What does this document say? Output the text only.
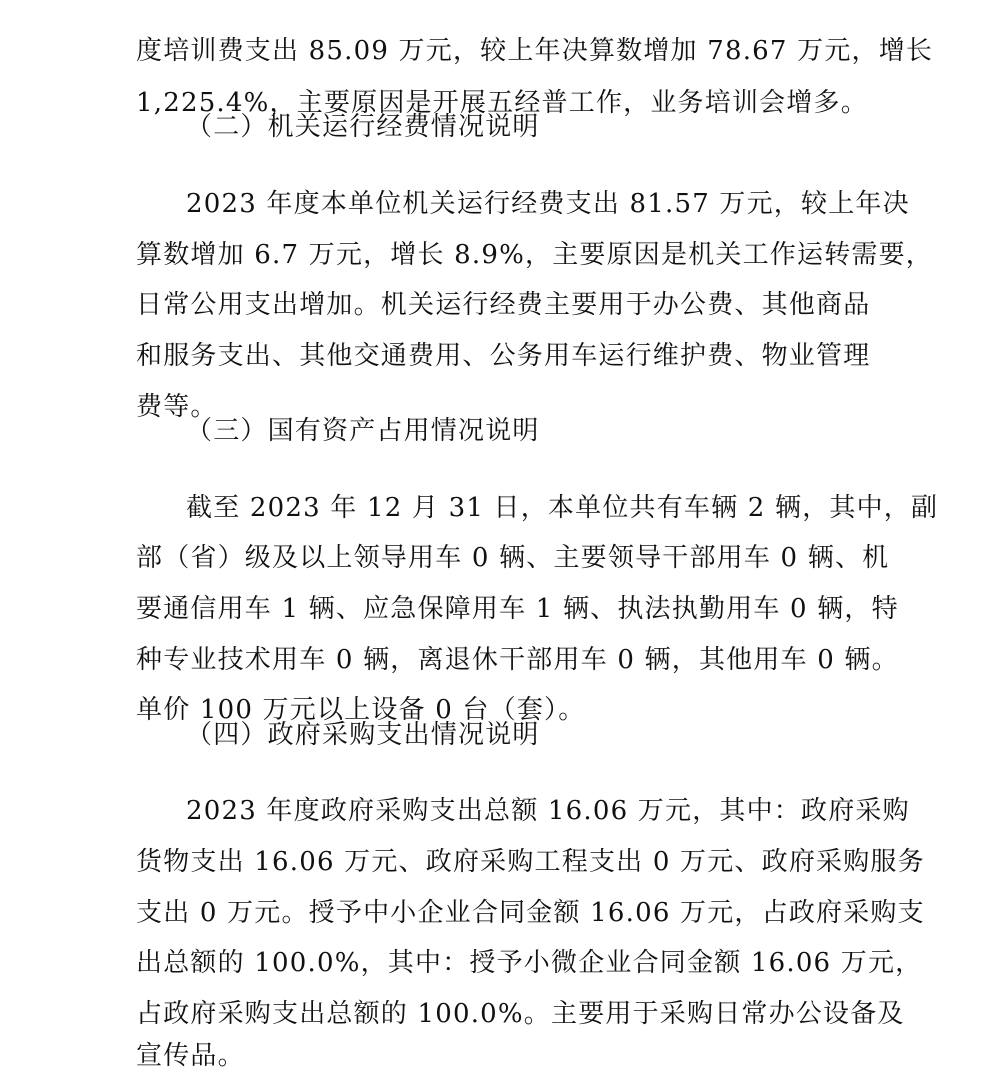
度培训费支出 85.09 万元，较上年决算数增加 78.67 万元，增长

1,225.4%，主要原因是开展五经普工作，业务培训会增多。

（二）机关运行经费情况说明

2023 年度本单位机关运行经费支出 81.57 万元，较上年决

算数增加 6.7 万元，增长 8.9%，主要原因是机关工作运转需要，

日常公用支出增加。机关运行经费主要用于办公费、其他商品

和服务支出、其他交通费用、公务用车运行维护费、物业管理

费等。

（三）国有资产占用情况说明

截至 2023 年 12 月 31 日，本单位共有车辆 2 辆，其中，副

部（省）级及以上领导用车 0 辆、主要领导干部用车 0 辆、机

要通信用车 1 辆、应急保障用车 1 辆、执法执勤用车 0 辆，特

种专业技术用车 0 辆，离退休干部用车 0 辆，其他用车 0 辆。

单价 100 万元以上设备 0 台（套）。

（四）政府采购支出情况说明

2023 年度政府采购支出总额 16.06 万元，其中：政府采购

货物支出 16.06 万元、政府采购工程支出 0 万元、政府采购服务

支出 0 万元。授予中小企业合同金额 16.06 万元，占政府采购支

出总额的 100.0%，其中：授予小微企业合同金额 16.06 万元，

占政府采购支出总额的 100.0%。主要用于采购日常办公设备及

宣传品。
